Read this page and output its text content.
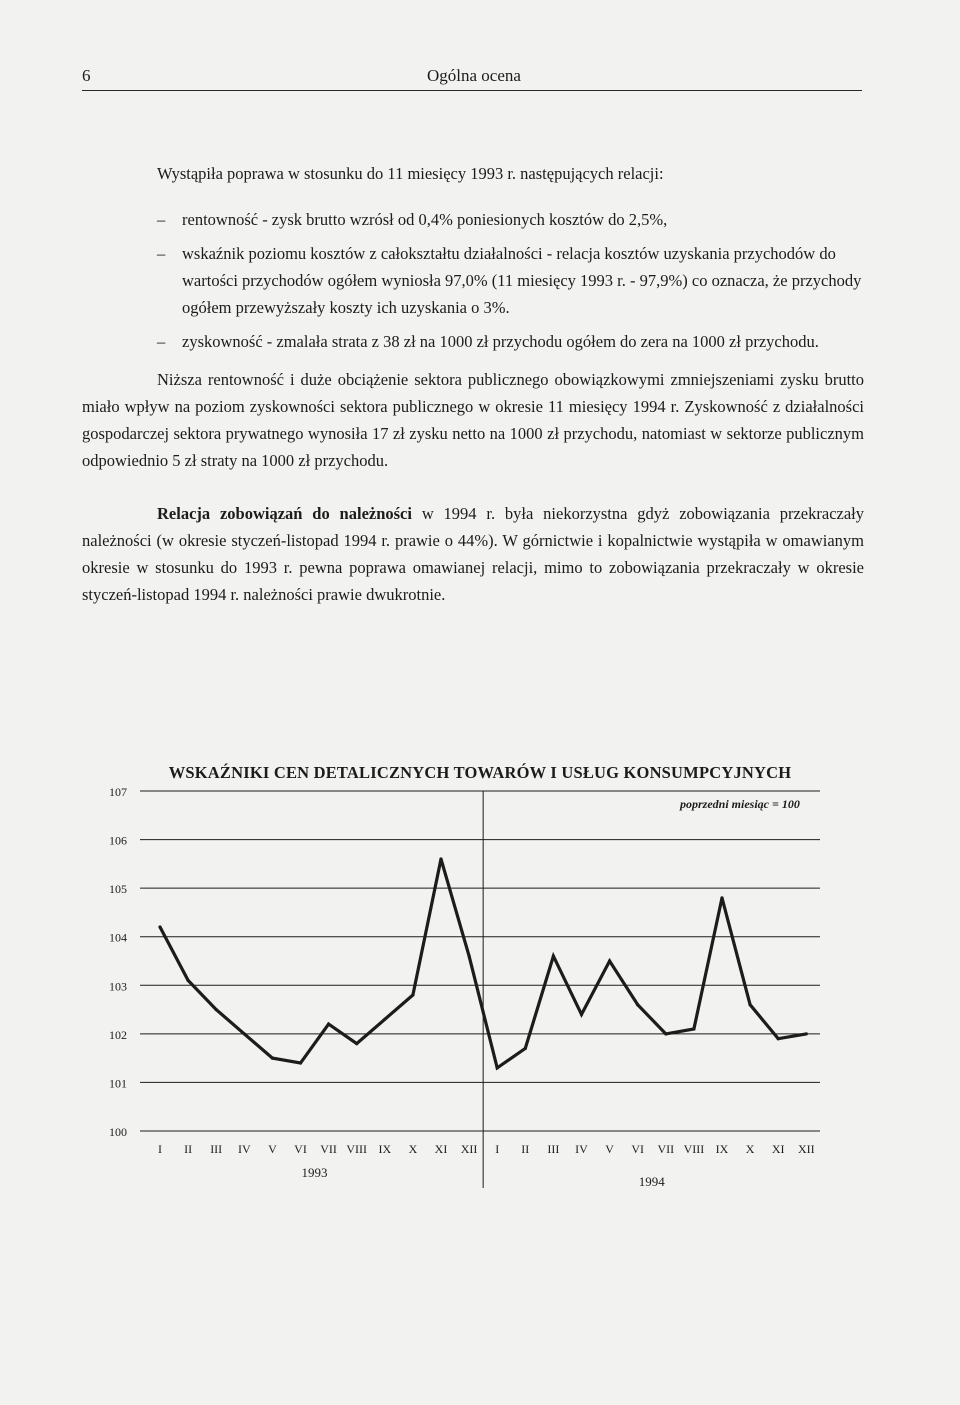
6	Ogólna ocena
Wystąpiła poprawa w stosunku do 11 miesięcy 1993 r. następujących relacji:
– rentowność - zysk brutto wzrósł od 0,4% poniesionych kosztów do 2,5%,
– wskaźnik poziomu kosztów z całokształtu działalności - relacja kosztów uzyskania przychodów do wartości przychodów ogółem wyniosła 97,0% (11 miesięcy 1993 r. - 97,9%) co oznacza, że przychody ogółem przewyższały koszty ich uzyskania o 3%.
– zyskowność - zmalała strata z 38 zł na 1000 zł przychodu ogółem do zera na 1000 zł przychodu.

Niższa rentowność i duże obciążenie sektora publicznego obowiązkowymi zmniejszeniami zysku brutto miało wpływ na poziom zyskowności sektora publicznego w okresie 11 miesięcy 1994 r. Zyskowność z działalności gospodarczej sektora prywatnego wynosiła 17 zł zysku netto na 1000 zł przychodu, natomiast w sektorze publicznym odpowiednio 5 zł straty na 1000 zł przychodu.

Relacja zobowiązań do należności w 1994 r. była niekorzystna gdyż zobowiązania przekraczały należności (w okresie styczeń-listopad 1994 r. prawie o 44%). W górnictwie i kopalnictwie wystąpiła w omawianym okresie w stosunku do 1993 r. pewna poprawa omawianej relacji, mimo to zobowiązania przekraczały w okresie styczeń-listopad 1994 r. należności prawie dwukrotnie.

WSKAŹNIKI CEN DETALICZNYCH TOWARÓW I USŁUG KONSUMPCYJNYCH
poprzedni miesiąc = 100
107
106
105
104
103
102
101
100
I II III IV V VI VII VIII IX X XI XII I II III IV V VI VII VIII IX X XI XII
1993
1994
